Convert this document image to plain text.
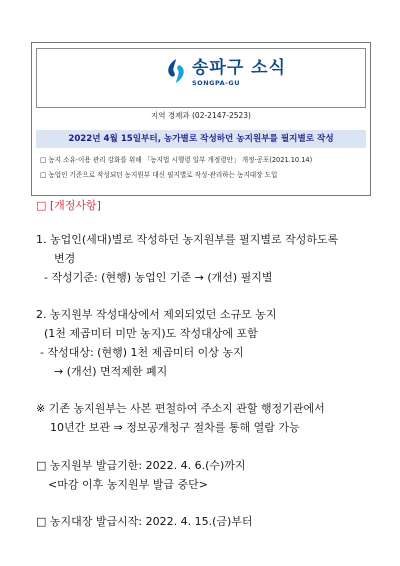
송파구 소식
SONGPA-GU
지역 경제과 (02-2147-2523)
2022년 4월 15일부터, 농가별로 작성하던 농지원부를 필지별로 작성
□ 농지 소유·이용 관리 강화를 위해 「농지법 시행령 일부 개정령안」 개정·공포(2021.10.14)
□ 농업인 기준으로 작성되던 농지원부 대신 필지별로 작성·관리하는 농지대장 도입
□ [개정사항]
1. 농업인(세대)별로 작성하던 농지원부를 필지별로 작성하도록
변경
- 작성기준: (현행) 농업인 기준 → (개선) 필지별
2. 농지원부 작성대상에서 제외되었던 소규모 농지
(1천 제곱미터 미만 농지)도 작성대상에 포함
- 작성대상: (현행) 1천 제곱미터 이상 농지
→ (개선) 면적제한 폐지
※ 기존 농지원부는 사본 편철하여 주소지 관할 행정기관에서
10년간 보관 ⇒ 정보공개청구 절차를 통해 열람 가능
□ 농지원부 발급기한: 2022. 4. 6.(수)까지
<마감 이후 농지원부 발급 중단>
□ 농지대장 발급시작: 2022. 4. 15.(금)부터
